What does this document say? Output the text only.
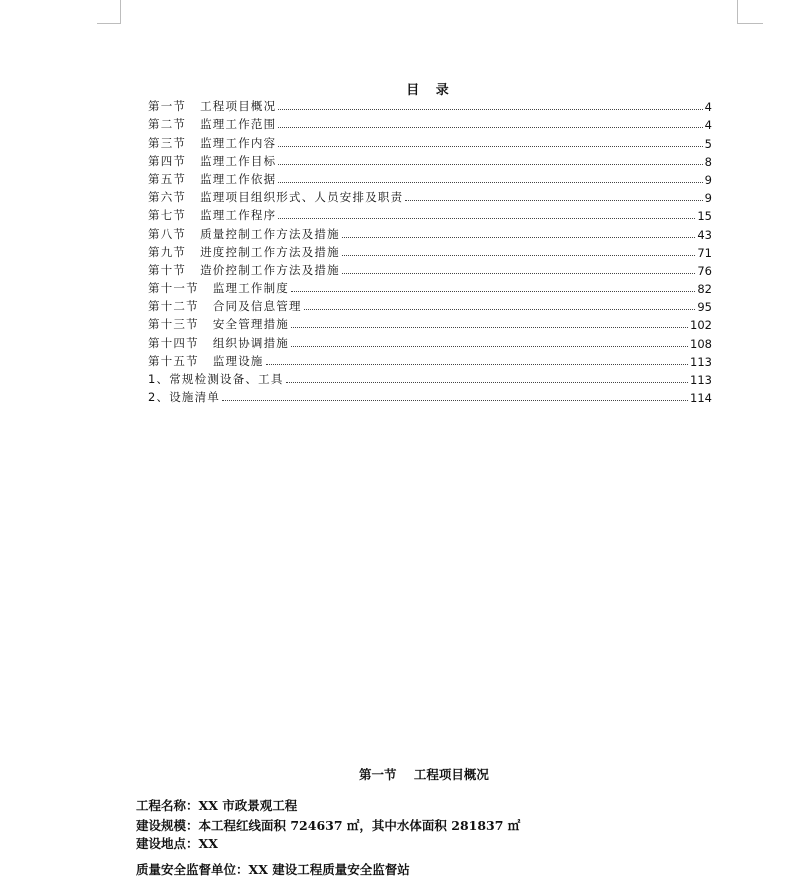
目 录
第一节 工程项目概况	4
第二节 监理工作范围	4
第三节 监理工作内容	5
第四节 监理工作目标	8
第五节 监理工作依据	9
第六节 监理项目组织形式、人员安排及职责	9
第七节 监理工作程序	15
第八节 质量控制工作方法及措施	43
第九节 进度控制工作方法及措施	71
第十节 造价控制工作方法及措施	76
第十一节 监理工作制度	82
第十二节 合同及信息管理	95
第十三节 安全管理措施	102
第十四节 组织协调措施	108
第十五节 监理设施	113
1、常规检测设备、工具	113
2、设施清单	114
第一节    工程项目概况
工程名称：XX 市政景观工程
建设规模：本工程红线面积 724637 ㎡，其中水体面积 281837 ㎡
建设地点：XX
质量安全监督单位：XX 建设工程质量安全监督站
